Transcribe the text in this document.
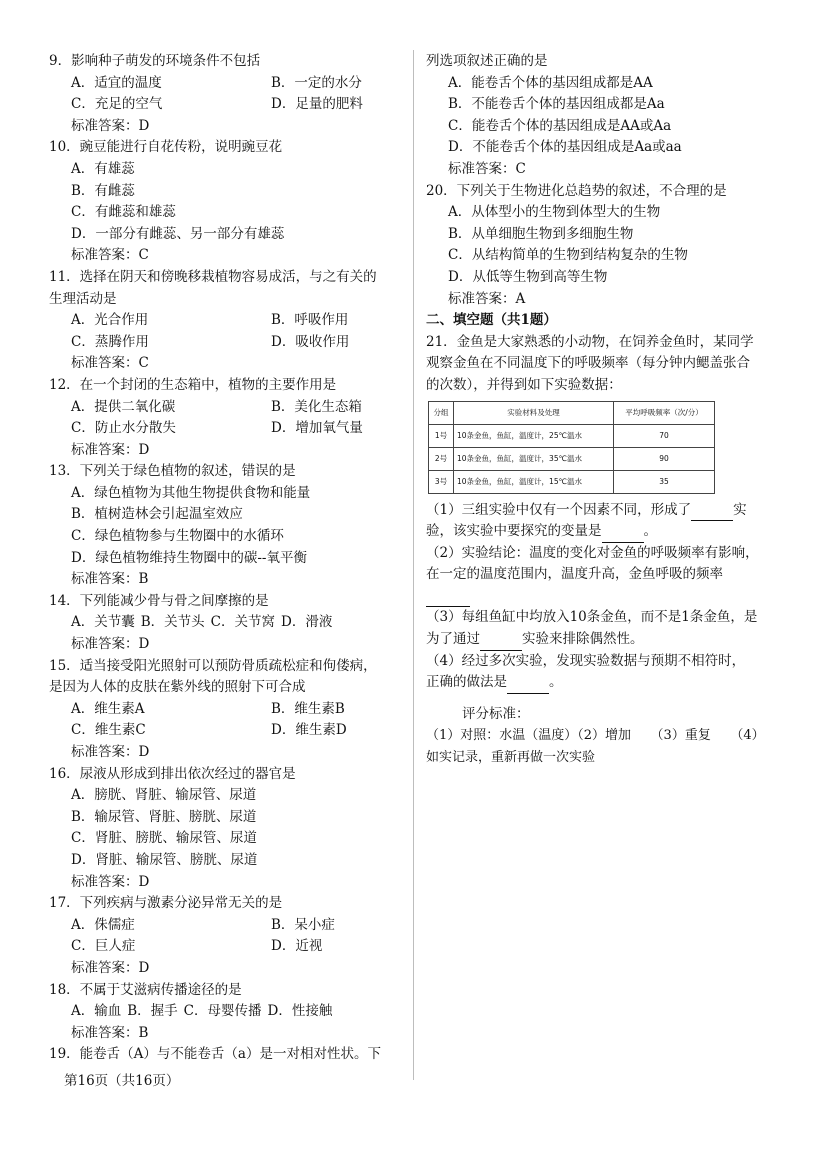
9．影响种子萌发的环境条件不包括
A．适宜的温度	B．一定的水分
C．充足的空气	D．足量的肥料
标准答案：D
10．豌豆能进行自花传粉，说明豌豆花
A．有雄蕊
B．有雌蕊
C．有雌蕊和雄蕊
D．一部分有雌蕊、另一部分有雄蕊
标准答案：C
11．选择在阴天和傍晚移栽植物容易成活，与之有关的
生理活动是
A．光合作用	B．呼吸作用
C．蒸腾作用	D．吸收作用
标准答案：C
12．在一个封闭的生态箱中，植物的主要作用是
A．提供二氧化碳	B．美化生态箱
C．防止水分散失	D．增加氧气量
标准答案：D
13．下列关于绿色植物的叙述，错误的是
A．绿色植物为其他生物提供食物和能量
B．植树造林会引起温室效应
C．绿色植物参与生物圈中的水循环
D．绿色植物维持生物圈中的碳--氧平衡
标准答案：B
14．下列能减少骨与骨之间摩擦的是
A．关节囊 B．关节头 C．关节窝 D．滑液
标准答案：D
15．适当接受阳光照射可以预防骨质疏松症和佝偻病，
是因为人体的皮肤在紫外线的照射下可合成
A．维生素A	B．维生素B
C．维生素C	D．维生素D
标准答案：D
16．尿液从形成到排出依次经过的器官是
A．膀胱、肾脏、输尿管、尿道
B．输尿管、肾脏、膀胱、尿道
C．肾脏、膀胱、输尿管、尿道
D．肾脏、输尿管、膀胱、尿道
标准答案：D
17．下列疾病与激素分泌异常无关的是
A．侏儒症	B．呆小症
C．巨人症	D．近视
标准答案：D
18．不属于艾滋病传播途径的是
A．输血 B．握手 C．母婴传播 D．性接触
标准答案：B
19．能卷舌（A）与不能卷舌（a）是一对相对性状。下
列选项叙述正确的是
A．能卷舌个体的基因组成都是AA
B．不能卷舌个体的基因组成都是Aa
C．能卷舌个体的基因组成是AA或Aa
D．不能卷舌个体的基因组成是Aa或aa
标准答案：C
20．下列关于生物进化总趋势的叙述，不合理的是
A．从体型小的生物到体型大的生物
B．从单细胞生物到多细胞生物
C．从结构简单的生物到结构复杂的生物
D．从低等生物到高等生物
标准答案：A
二、填空题（共1题）
21．金鱼是大家熟悉的小动物，在饲养金鱼时，某同学
观察金鱼在不同温度下的呼吸频率（每分钟内鳃盖张合
的次数），并得到如下实验数据：
分组	实验材料及处理	平均呼吸频率（次/分）
1号	10条金鱼，鱼缸，温度计，25℃温水	70
2号	10条金鱼，鱼缸，温度计，35℃温水	90
3号	10条金鱼，鱼缸，温度计，15℃温水	35
（1）三组实验中仅有一个因素不同，形成了	实
验，该实验中要探究的变量是	。
（2）实验结论：温度的变化对金鱼的呼吸频率有影响，
在一定的温度范围内，温度升高，金鱼呼吸的频率
（3）每组鱼缸中均放入10条金鱼，而不是1条金鱼，是
为了通过	实验来排除偶然性。
（4）经过多次实验，发现实验数据与预期不相符时，
正确的做法是	。
评分标准：
（1）对照：水温（温度）（2）增加　　（3）重复　　（4）
如实记录，重新再做一次实验
第16页（共16页）
